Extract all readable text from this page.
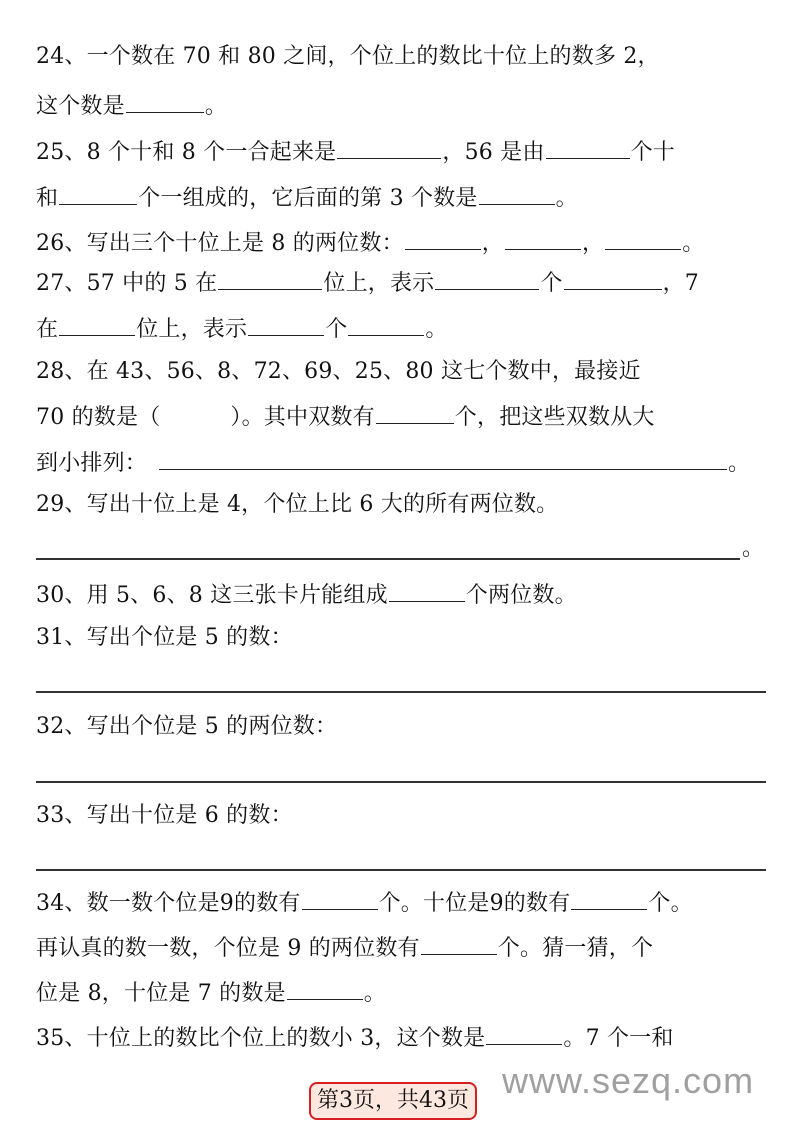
24、一个数在 70 和 80 之间，个位上的数比十位上的数多 2，
这个数是	。
25、8 个十和 8 个一合起来是	，56 是由	个十
和	个一组成的，它后面的第 3 个数是	。
26、写出三个十位上是 8 的两位数：	，	，	。
27、57 中的 5 在	位上，表示	个	，7
在	位上，表示	个	。
28、在 43、56、8、72、69、25、80 这七个数中，最接近
70 的数是（	）。其中双数有	个，把这些双数从大
到小排列：	。
29、写出十位上是 4，个位上比 6 大的所有两位数。
。
30、用 5、6、8 这三张卡片能组成	个两位数。
31、写出个位是 5 的数：
32、写出个位是 5 的两位数：
33、写出十位是 6 的数：
34、数一数个位是9的数有	个。十位是9的数有	个。
再认真的数一数，个位是 9 的两位数有	个。猜一猜，个
位是 8，十位是 7 的数是	。
35、十位上的数比个位上的数小 3，这个数是	。7 个一和
第3页，共43页 www.sezq.com
